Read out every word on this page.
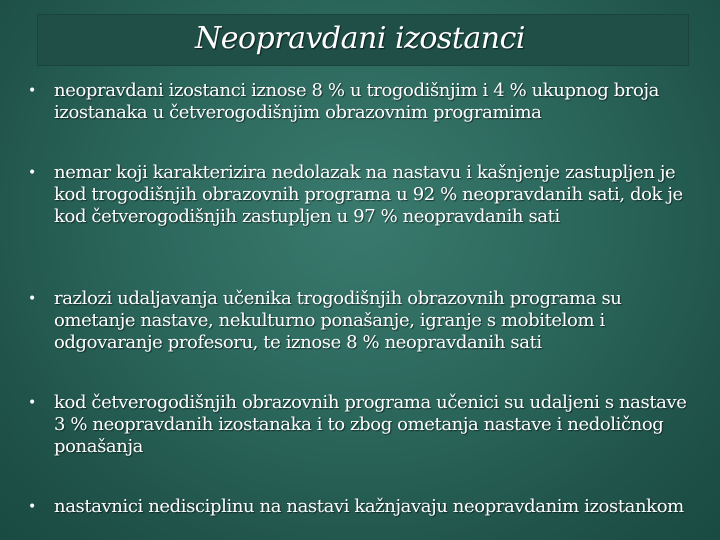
Neopravdani izostanci
• neopravdani izostanci iznose 8 % u trogodišnjim i 4 % ukupnog broja izostanaka u četverogodišnjim obrazovnim programima
• nemar koji karakterizira nedolazak na nastavu i kašnjenje zastupljen je kod trogodišnjih obrazovnih programa u 92 % neopravdanih sati, dok je kod četverogodišnjih zastupljen u 97 % neopravdanih sati
• razlozi udaljavanja učenika trogodišnjih obrazovnih programa su ometanje nastave, nekulturno ponašanje, igranje s mobitelom i odgovaranje profesoru, te iznose 8 % neopravdanih sati
• kod četverogodišnjih obrazovnih programa učenici su udaljeni s nastave 3 % neopravdanih izostanaka i to zbog ometanja nastave i nedoličnog ponašanja
• nastavnici nedisciplinu na nastavi kažnjavaju neopravdanim izostankom
